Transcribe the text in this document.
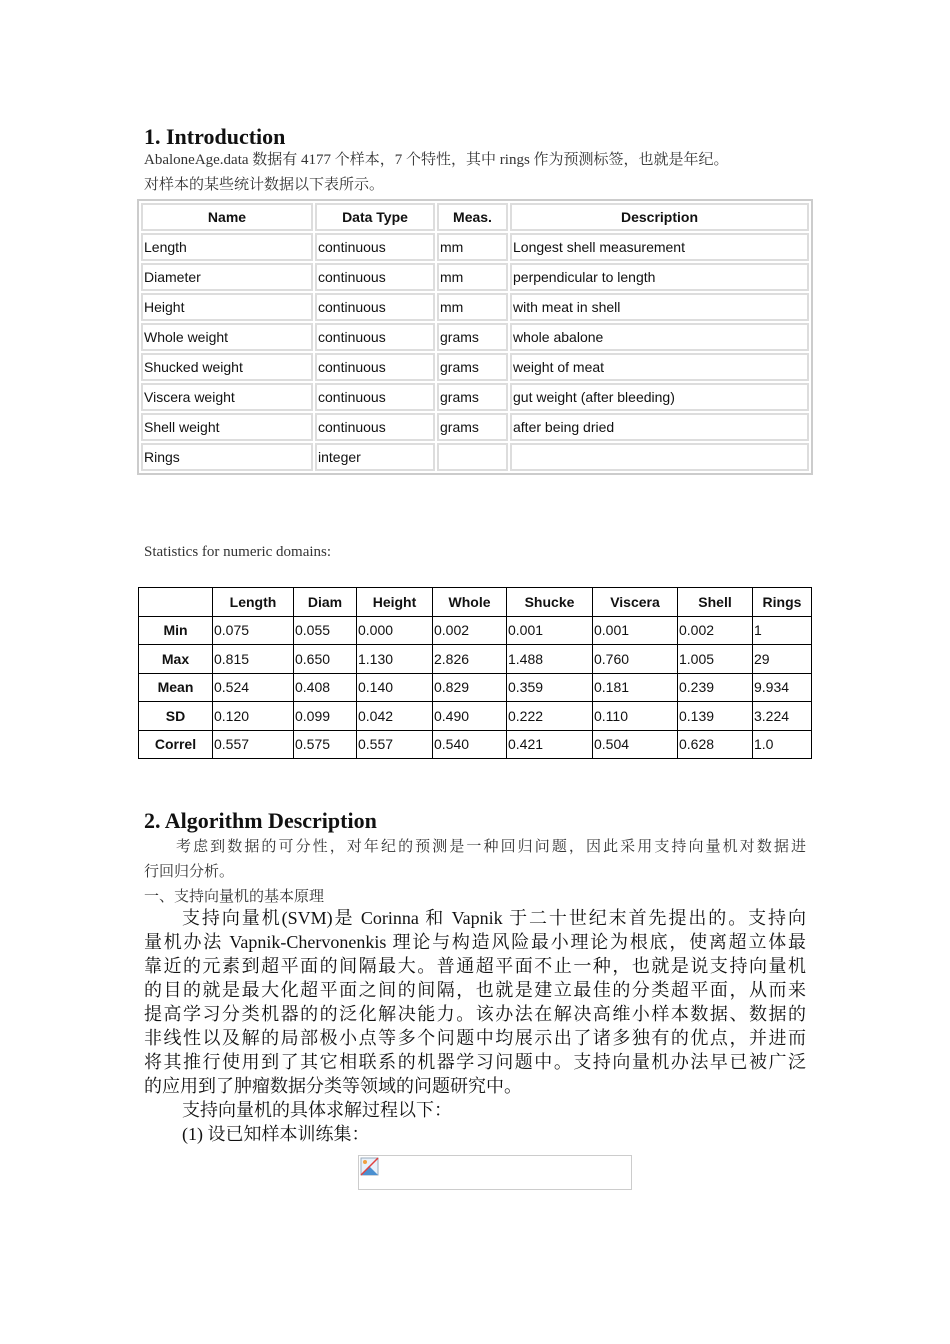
1. Introduction
AbaloneAge.data 数据有 4177 个样本，7 个特性，其中 rings 作为预测标签，也就是年纪。
对样本的某些统计数据以下表所示。
Name	Data Type	Meas.	Description
Length	continuous	mm	Longest shell measurement
Diameter	continuous	mm	perpendicular to length
Height	continuous	mm	with meat in shell
Whole weight	continuous	grams	whole abalone
Shucked weight	continuous	grams	weight of meat
Viscera weight	continuous	grams	gut weight (after bleeding)
Shell weight	continuous	grams	after being dried
Rings	integer		
Statistics for numeric domains:
	Length	Diam	Height	Whole	Shucke	Viscera	Shell	Rings
Min	0.075	0.055	0.000	0.002	0.001	0.001	0.002	1
Max	0.815	0.650	1.130	2.826	1.488	0.760	1.005	29
Mean	0.524	0.408	0.140	0.829	0.359	0.181	0.239	9.934
SD	0.120	0.099	0.042	0.490	0.222	0.110	0.139	3.224
Correl	0.557	0.575	0.557	0.540	0.421	0.504	0.628	1.0
2. Algorithm Description
考虑到数据的可分性，对年纪的预测是一种回归问题，因此采用支持向量机对数据进
行回归分析。
一、支持向量机的基本原理
支持向量机(SVM)是 Corinna 和 Vapnik 于二十世纪末首先提出的。支持向
量机办法 Vapnik-Chervonenkis 理论与构造风险最小理论为根底，使离超立体最
靠近的元素到超平面的间隔最大。普通超平面不止一种，也就是说支持向量机
的目的就是最大化超平面之间的间隔，也就是建立最佳的分类超平面，从而来
提高学习分类机器的的泛化解决能力。该办法在解决高维小样本数据、数据的
非线性以及解的局部极小点等多个问题中均展示出了诸多独有的优点，并进而
将其推行使用到了其它相联系的机器学习问题中。支持向量机办法早已被广泛
的应用到了肿瘤数据分类等领域的问题研究中。
支持向量机的具体求解过程以下：
(1) 设已知样本训练集：
